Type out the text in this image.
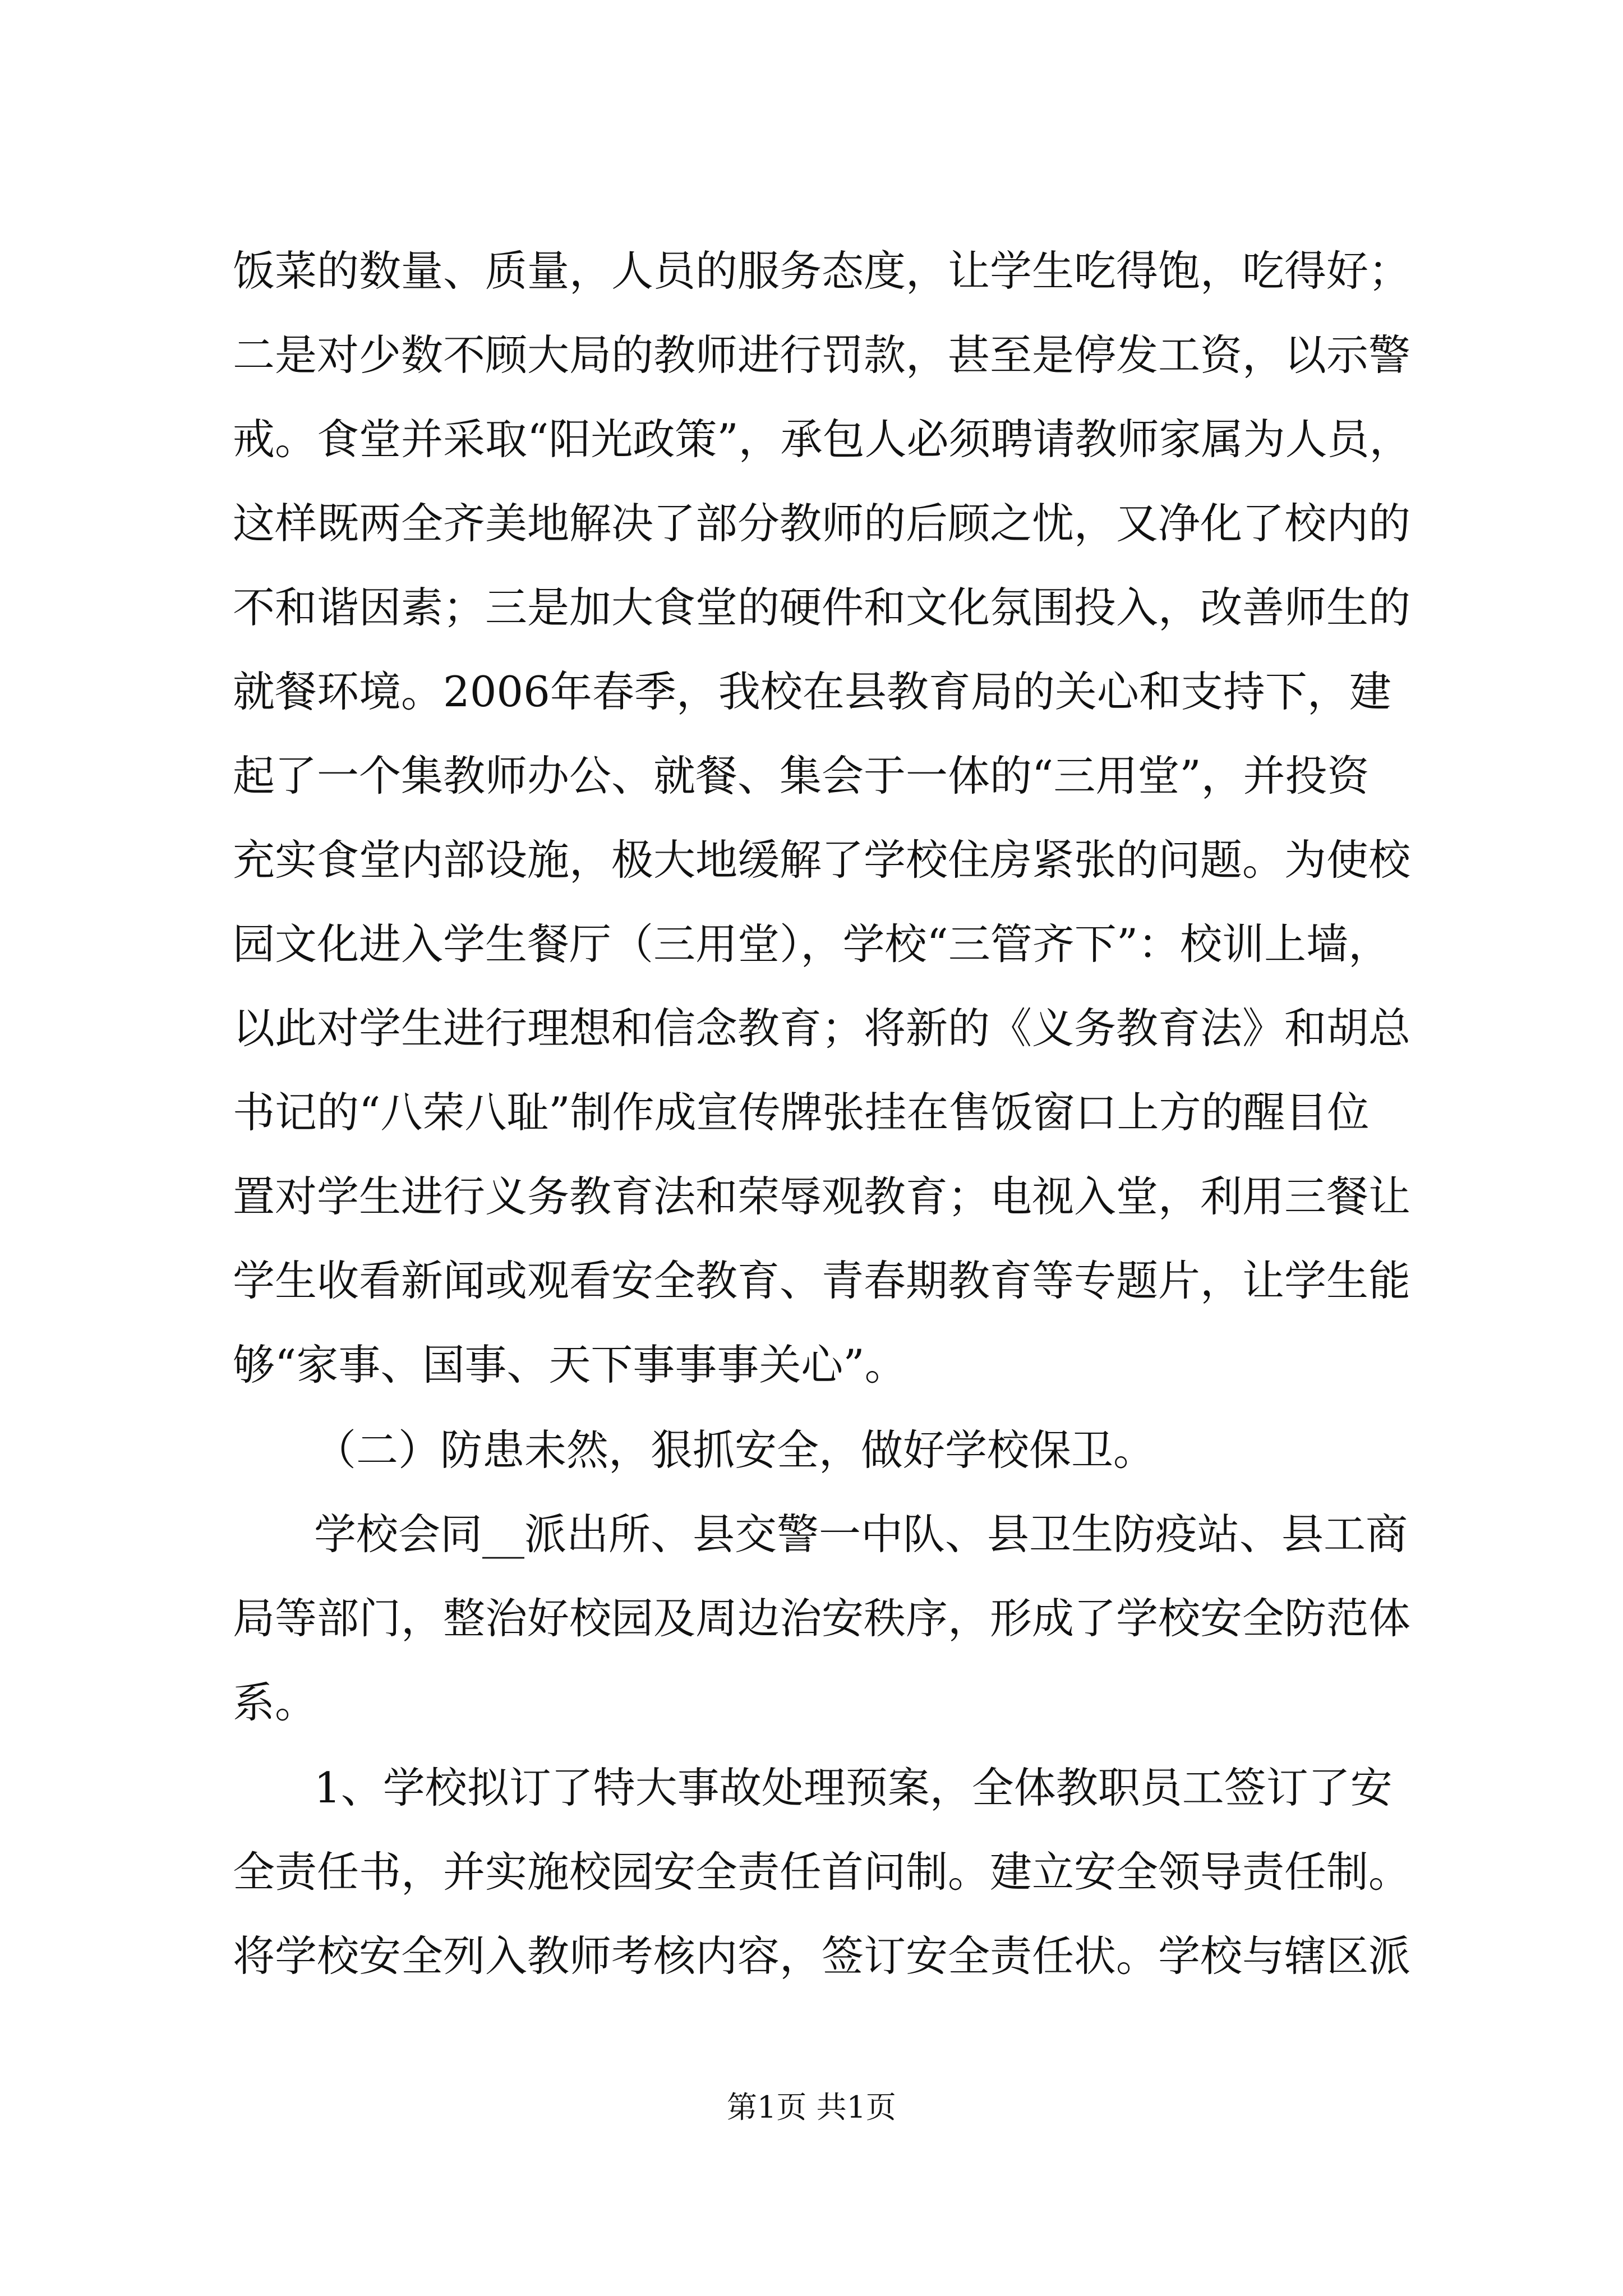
饭菜的数量、质量，人员的服务态度，让学生吃得饱，吃得好；
二是对少数不顾大局的教师进行罚款，甚至是停发工资，以示警
戒。食堂并采取“阳光政策”，承包人必须聘请教师家属为人员，
这样既两全齐美地解决了部分教师的后顾之忧，又净化了校内的
不和谐因素；三是加大食堂的硬件和文化氛围投入，改善师生的
就餐环境。2006年春季，我校在县教育局的关心和支持下，建
起了一个集教师办公、就餐、集会于一体的“三用堂”，并投资
充实食堂内部设施，极大地缓解了学校住房紧张的问题。为使校
园文化进入学生餐厅（三用堂），学校“三管齐下”：校训上墙，
以此对学生进行理想和信念教育；将新的《义务教育法》和胡总
书记的“八荣八耻”制作成宣传牌张挂在售饭窗口上方的醒目位
置对学生进行义务教育法和荣辱观教育；电视入堂，利用三餐让
学生收看新闻或观看安全教育、青春期教育等专题片，让学生能
够“家事、国事、天下事事事关心”。
（二）防患未然，狠抓安全，做好学校保卫。
学校会同__派出所、县交警一中队、县卫生防疫站、县工商
局等部门，整治好校园及周边治安秩序，形成了学校安全防范体
系。
1、学校拟订了特大事故处理预案，全体教职员工签订了安
全责任书，并实施校园安全责任首问制。建立安全领导责任制。
将学校安全列入教师考核内容，签订安全责任状。学校与辖区派
第1页 共1页
